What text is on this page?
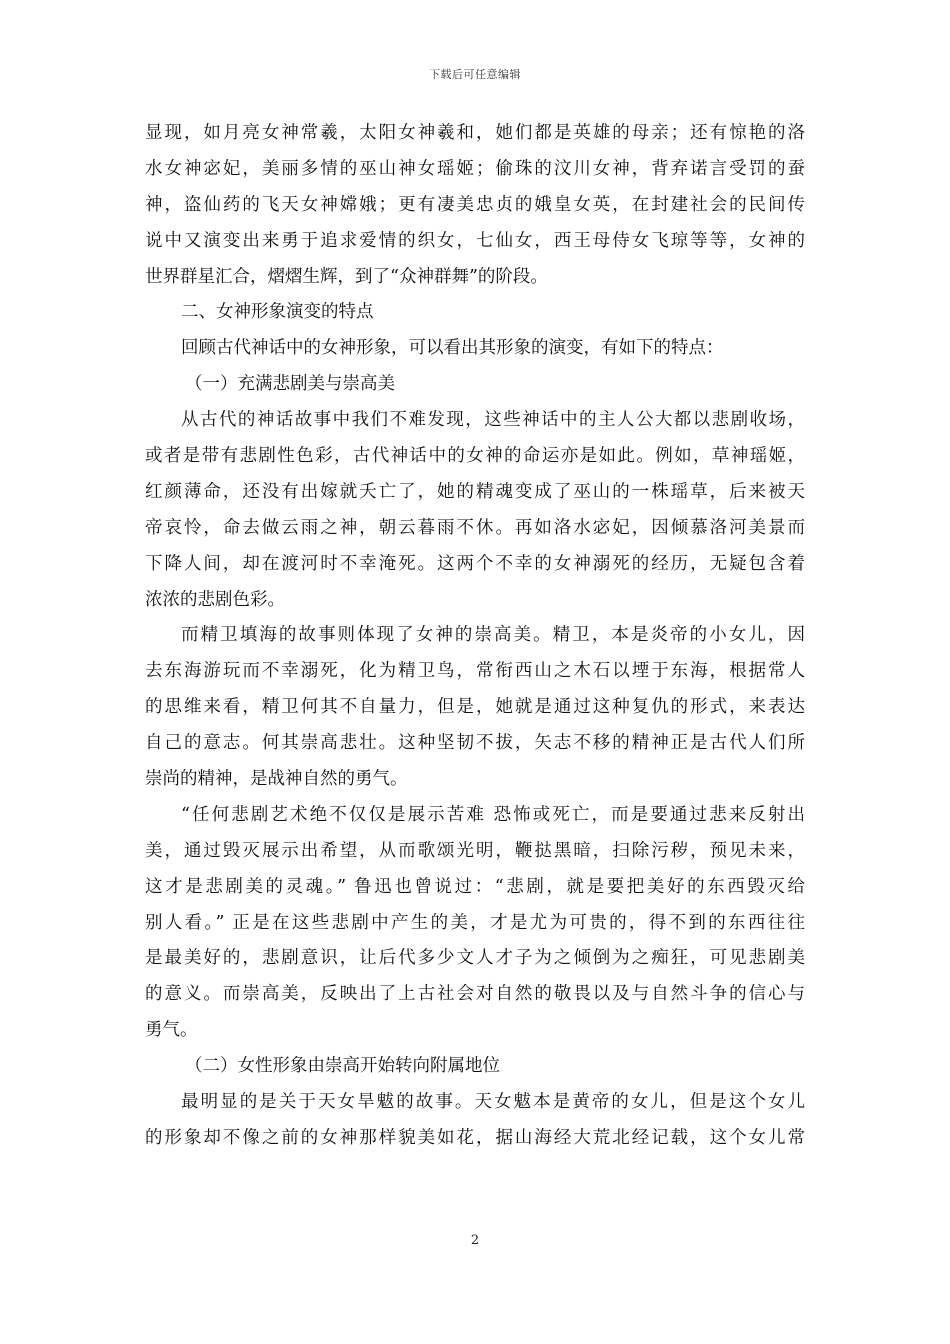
下载后可任意编辑
显现，如月亮女神常羲，太阳女神羲和，她们都是英雄的母亲；还有惊艳的洛
水女神宓妃，美丽多情的巫山神女瑶姬；偷珠的汶川女神，背弃诺言受罚的蚕
神，盗仙药的飞天女神嫦娥；更有凄美忠贞的娥皇女英，在封建社会的民间传
说中又演变出来勇于追求爱情的织女，七仙女，西王母侍女飞琼等等，女神的
世界群星汇合，熠熠生辉，到了“众神群舞”的阶段。
二、女神形象演变的特点
回顾古代神话中的女神形象，可以看出其形象的演变，有如下的特点：
（一）充满悲剧美与崇高美
从古代的神话故事中我们不难发现，这些神话中的主人公大都以悲剧收场，
或者是带有悲剧性色彩，古代神话中的女神的命运亦是如此。例如，草神瑶姬，
红颜薄命，还没有出嫁就夭亡了，她的精魂变成了巫山的一株瑶草，后来被天
帝哀怜，命去做云雨之神，朝云暮雨不休。再如洛水宓妃，因倾慕洛河美景而
下降人间，却在渡河时不幸淹死。这两个不幸的女神溺死的经历，无疑包含着
浓浓的悲剧色彩。
而精卫填海的故事则体现了女神的崇高美。精卫，本是炎帝的小女儿，因
去东海游玩而不幸溺死，化为精卫鸟，常衔西山之木石以堙于东海，根据常人
的思维来看，精卫何其不自量力，但是，她就是通过这种复仇的形式，来表达
自己的意志。何其崇高悲壮。这种坚韧不拔，矢志不移的精神正是古代人们所
崇尚的精神，是战神自然的勇气。
“任何悲剧艺术绝不仅仅是展示苦难 恐怖或死亡，而是要通过悲来反射出
美，通过毁灭展示出希望，从而歌颂光明，鞭挞黑暗，扫除污秽，预见未来，
这才是悲剧美的灵魂。” 鲁迅也曾说过：“悲剧，就是要把美好的东西毁灭给
别人看。” 正是在这些悲剧中产生的美，才是尤为可贵的，得不到的东西往往
是最美好的，悲剧意识，让后代多少文人才子为之倾倒为之痴狂，可见悲剧美
的意义。而崇高美，反映出了上古社会对自然的敬畏以及与自然斗争的信心与
勇气。
（二）女性形象由崇高开始转向附属地位
最明显的是关于天女旱魃的故事。天女魃本是黄帝的女儿，但是这个女儿
的形象却不像之前的女神那样貌美如花，据山海经大荒北经记载，这个女儿常
2
